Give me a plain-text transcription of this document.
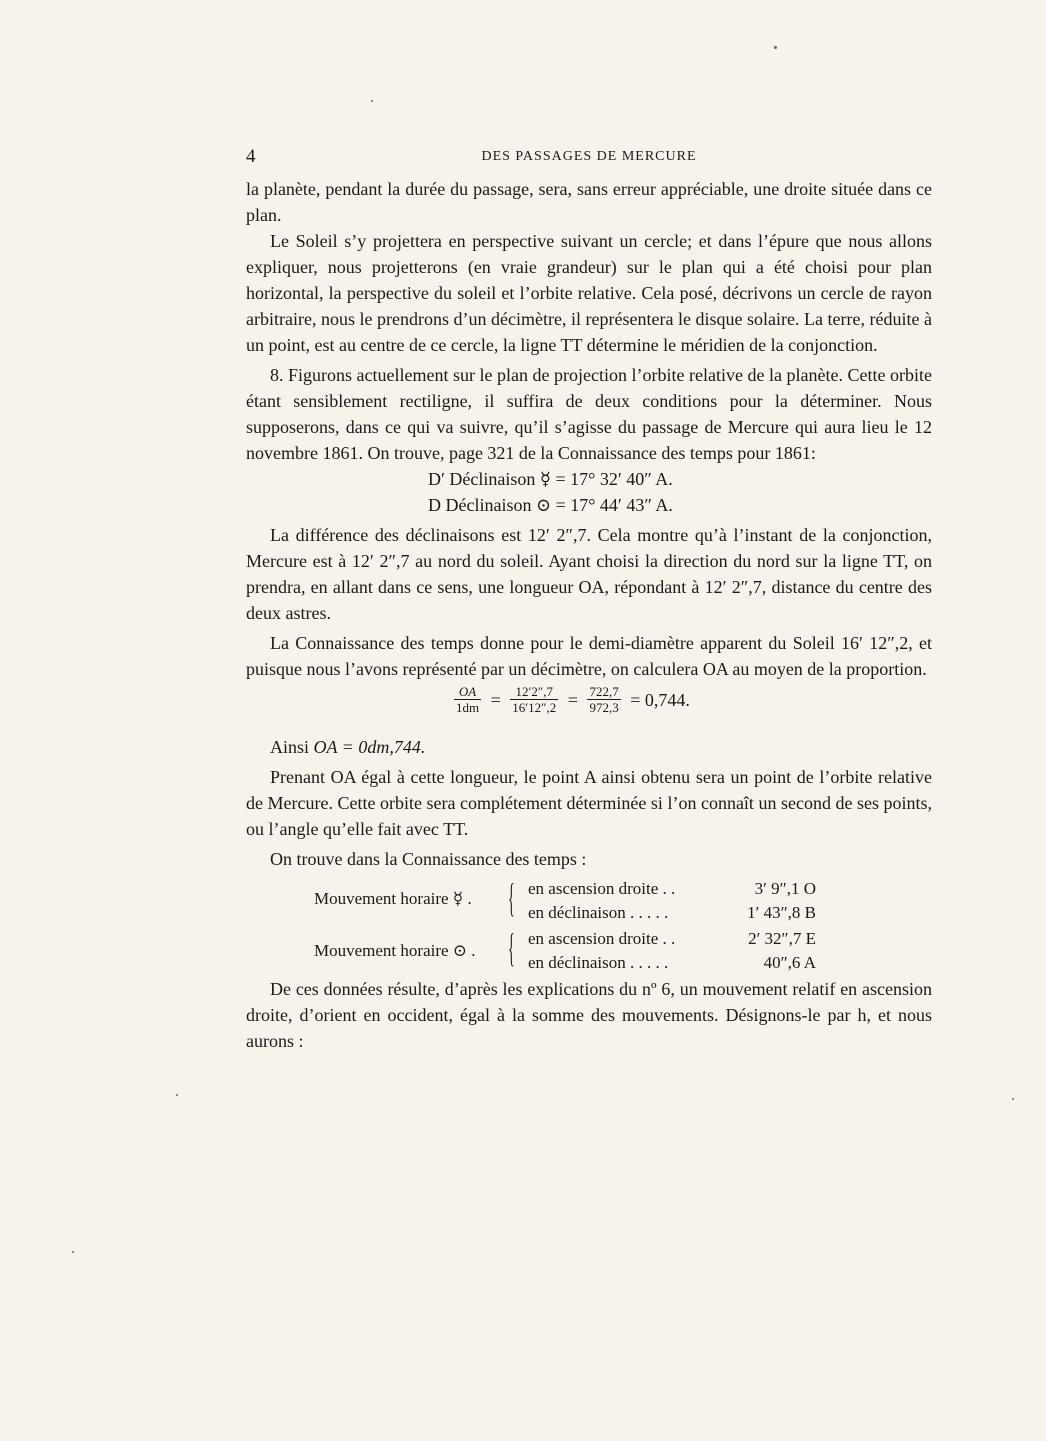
4	DES PASSAGES DE MERCURE

la planète, pendant la durée du passage, sera, sans erreur appréciable, une droite située dans ce plan.

Le Soleil s’y projettera en perspective suivant un cercle; et dans l’épure que nous allons expliquer, nous projetterons (en vraie grandeur) sur le plan qui a été choisi pour plan horizontal, la perspective du soleil et l’orbite relative. Cela posé, décrivons un cercle de rayon arbitraire, nous le prendrons d’un décimètre, il représentera le disque solaire. La terre, réduite à un point, est au centre de ce cercle, la ligne TT détermine le méridien de la conjonction.

8. Figurons actuellement sur le plan de projection l’orbite relative de la planète. Cette orbite étant sensiblement rectiligne, il suffira de deux conditions pour la déterminer. Nous supposerons, dans ce qui va suivre, qu’il s’agisse du passage de Mercure qui aura lieu le 12 novembre 1861. On trouve, page 321 de la Connaissance des temps pour 1861:

D′ Déclinaison ☿ = 17° 32′ 40″ A.
D Déclinaison ⊙ = 17° 44′ 43″ A.

La différence des déclinaisons est 12′ 2″,7. Cela montre qu’à l’instant de la conjonction, Mercure est à 12′ 2″,7 au nord du soleil. Ayant choisi la direction du nord sur la ligne TT, on prendra, en allant dans ce sens, une longueur OA, répondant à 12′ 2″,7, distance du centre des deux astres.

La Connaissance des temps donne pour le demi-diamètre apparent du Soleil 16′ 12″,2, et puisque nous l’avons représenté par un décimètre, on calculera OA au moyen de la proportion.

$\frac{OA}{1dm} = \frac{12'2'',7}{16'12'',2} = \frac{722,7}{972,3} = 0,744$.

Ainsi OA = 0dm,744.

Prenant OA égal à cette longueur, le point A ainsi obtenu sera un point de l’orbite relative de Mercure. Cette orbite sera complétement déterminée si l’on connaît un second de ses points, ou l’angle qu’elle fait avec TT.

On trouve dans la Connaissance des temps :

Mouvement horaire ☿ . { en ascension droite . .	3′ 9″,1 O
en déclinaison . . . . .	1′ 43″,8 B
Mouvement horaire ⊙ . { en ascension droite . .	2′ 32″,7 E
en déclinaison . . . . .	40″,6 A

De ces données résulte, d’après les explications du nº 6, un mouvement relatif en ascension droite, d’orient en occident, égal à la somme des mouvements. Désignons-le par h, et nous aurons :
